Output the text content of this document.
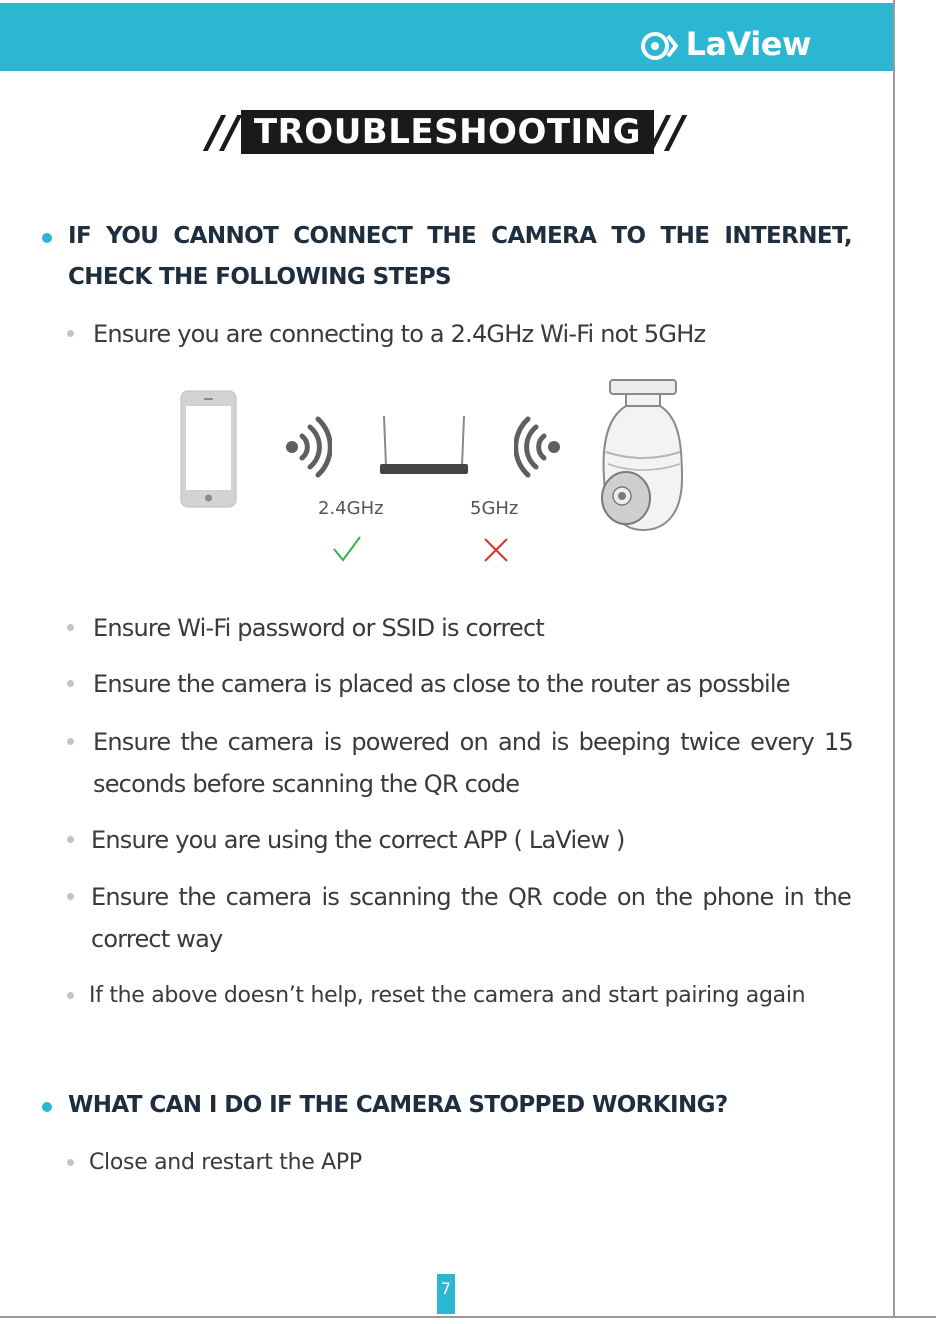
LaView
// TROUBLESHOOTING //
IF YOU CANNOT CONNECT THE CAMERA TO THE INTERNET, CHECK THE FOLLOWING STEPS
Ensure you are connecting to a 2.4GHz Wi-Fi not 5GHz
2.4GHz	5GHz
Ensure Wi-Fi password or SSID is correct
Ensure the camera is placed as close to the router as possbile
Ensure the camera is powered on and is beeping twice every 15 seconds before scanning the QR code
Ensure you are using the correct APP ( LaView )
Ensure the camera is scanning the QR code on the phone in the correct way
If the above doesn’t help, reset the camera and start pairing again
WHAT CAN I DO IF THE CAMERA STOPPED WORKING?
Close and restart the APP
7
